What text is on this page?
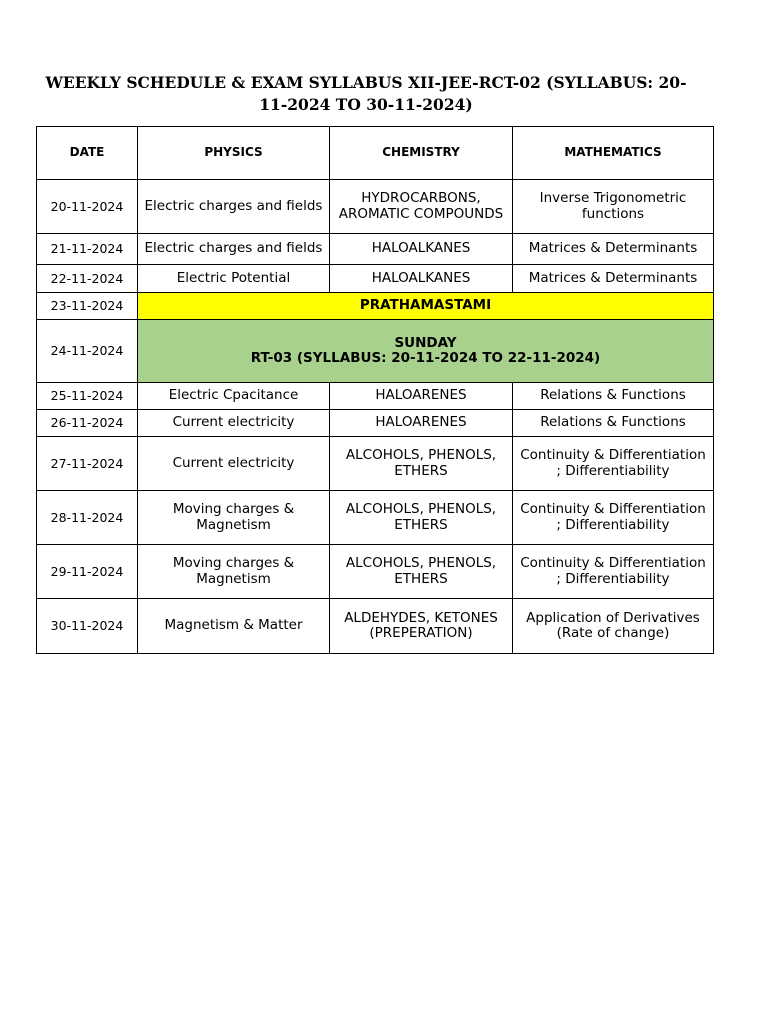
WEEKLY SCHEDULE & EXAM SYLLABUS XII-JEE-RCT-02 (SYLLABUS: 20-11-2024 TO 30-11-2024)
DATE	PHYSICS	CHEMISTRY	MATHEMATICS
20-11-2024	Electric charges and fields	HYDROCARBONS, AROMATIC COMPOUNDS	Inverse Trigonometric functions
21-11-2024	Electric charges and fields	HALOALKANES	Matrices & Determinants
22-11-2024	Electric Potential	HALOALKANES	Matrices & Determinants
23-11-2024	PRATHAMASTAMI		
24-11-2024	SUNDAY
RT-03 (SYLLABUS: 20-11-2024 TO 22-11-2024)		

25-11-2024	Electric Cpacitance	HALOARENES	Relations & Functions
26-11-2024	Current electricity	HALOARENES	Relations & Functions
27-11-2024	Current electricity	ALCOHOLS, PHENOLS, ETHERS	Continuity & Differentiation ; Differentiability
28-11-2024	Moving charges & Magnetism	ALCOHOLS, PHENOLS, ETHERS	Continuity & Differentiation ; Differentiability
29-11-2024	Moving charges & Magnetism	ALCOHOLS, PHENOLS, ETHERS	Continuity & Differentiation ; Differentiability
30-11-2024	Magnetism & Matter	ALDEHYDES, KETONES (PREPERATION)	Application of Derivatives (Rate of change)
